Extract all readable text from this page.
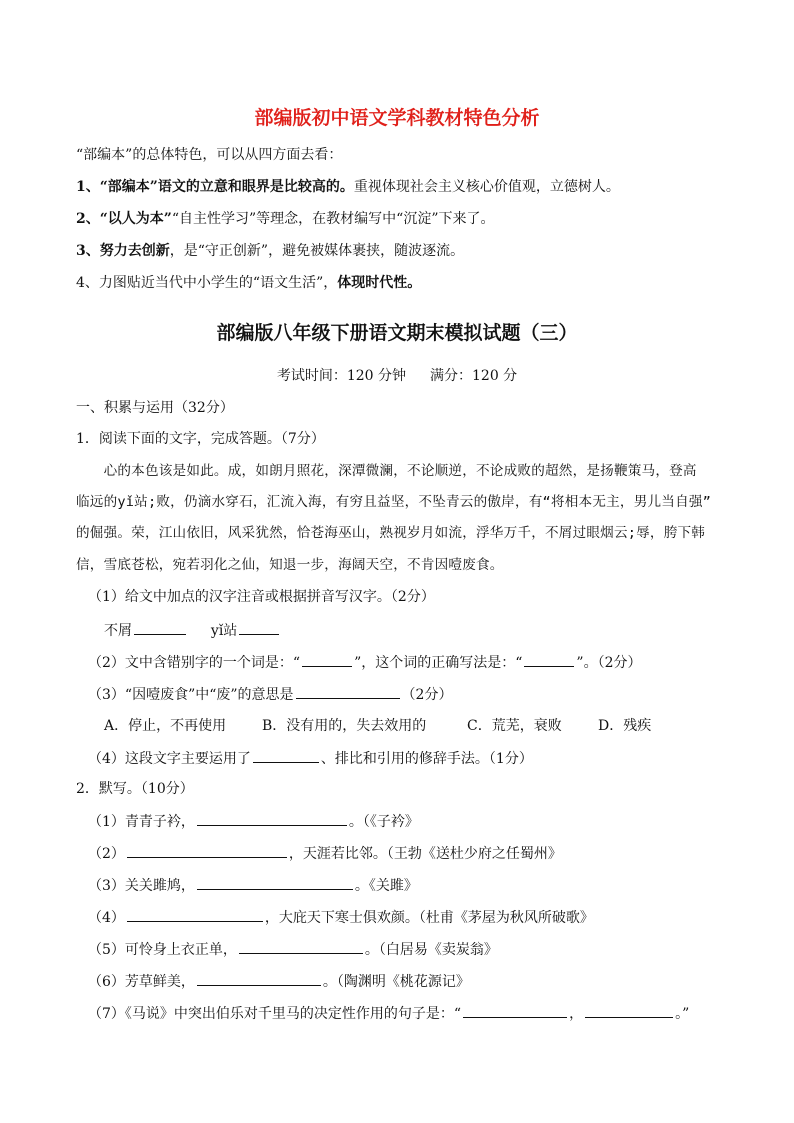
部编版初中语文学科教材特色分析
“部编本”的总体特色，可以从四方面去看：
1、“部编本”语文的立意和眼界是比较高的。重视体现社会主义核心价值观，立德树人。
2、“以人为本”“自主性学习”等理念，在教材编写中“沉淀”下来了。
3、努力去创新，是“守正创新”，避免被媒体裹挟，随波逐流。
4、力图贴近当代中小学生的“语文生活”，体现时代性。
部编版八年级下册语文期末模拟试题（三）
考试时间：120 分钟 满分：120 分
一、积累与运用（32分）
1．阅读下面的文字，完成答题。（7分）
　　心的本色该是如此。成，如朗月照花，深潭微澜，不论顺逆，不论成败的超然，是扬鞭策马，登高
临远的yǐ站;败，仍滴水穿石，汇流入海，有穷且益坚，不坠青云的傲岸，有“将相本无主，男儿当自强”
的倔强。荣，江山依旧，风采犹然，恰苍海巫山，熟视岁月如流，浮华万千，不屑过眼烟云;辱，胯下韩
信，雪底苍松，宛若羽化之仙，知退一步，海阔天空，不肯因噎废食。
（1）给文中加点的汉字注音或根据拼音写汉字。（2分）
不屑	yǐ站
（2）文中含错别字的一个词是：“	”，这个词的正确写法是：“	”。（2分）
（3）“因噎废食”中“废”的意思是	（2分）
A．停止，不再使用	B．没有用的，失去效用的	C．荒芜，衰败	D．残疾
（4）这段文字主要运用了	、排比和引用的修辞手法。（1分）
2．默写。（10分）
（1）青青子衿，	。（《子衿》
（2）	，天涯若比邻。（王勃《送杜少府之任蜀州》
（3）关关雎鸠，	。《关雎》
（4）	，大庇天下寒士俱欢颜。（杜甫《茅屋为秋风所破歌》
（5）可怜身上衣正单，	。（白居易《卖炭翁》
（6）芳草鲜美，	。（陶渊明《桃花源记》
（7）《马说》中突出伯乐对千里马的决定性作用的句子是：“	，	。”
